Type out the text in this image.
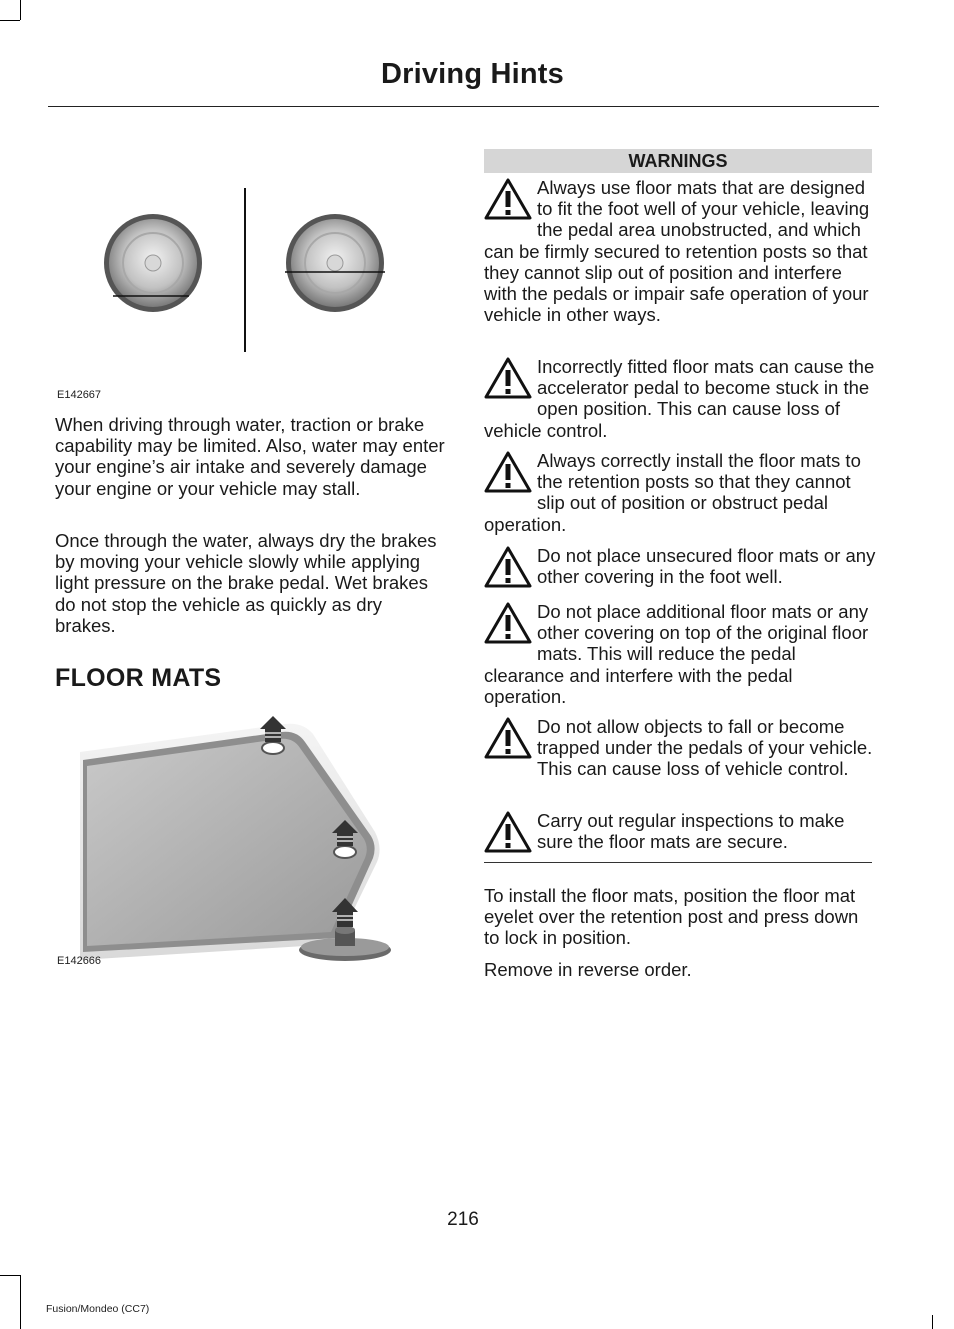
Driving Hints
E142667

When driving through water, traction or brake capability may be limited. Also, water may enter your engine’s air intake and severely damage your engine or your vehicle may stall.

Once through the water, always dry the brakes by moving your vehicle slowly while applying light pressure on the brake pedal. Wet brakes do not stop the vehicle as quickly as dry brakes.

FLOOR MATS
E142666
WARNINGS
Always use floor mats that are designed to fit the foot well of your vehicle, leaving the pedal area unobstructed, and which can be firmly secured to retention posts so that they cannot slip out of position and interfere with the pedals or impair safe operation of your vehicle in other ways.
Incorrectly fitted floor mats can cause the accelerator pedal to become stuck in the open position. This can cause loss of vehicle control.
Always correctly install the floor mats to the retention posts so that they cannot slip out of position or obstruct pedal operation.
Do not place unsecured floor mats or any other covering in the foot well.
Do not place additional floor mats or any other covering on top of the original floor mats. This will reduce the pedal clearance and interfere with the pedal operation.
Do not allow objects to fall or become trapped under the pedals of your vehicle. This can cause loss of vehicle control.
Carry out regular inspections to make sure the floor mats are secure.

To install the floor mats, position the floor mat eyelet over the retention post and press down to lock in position.

Remove in reverse order.

216
Fusion/Mondeo (CC7)
